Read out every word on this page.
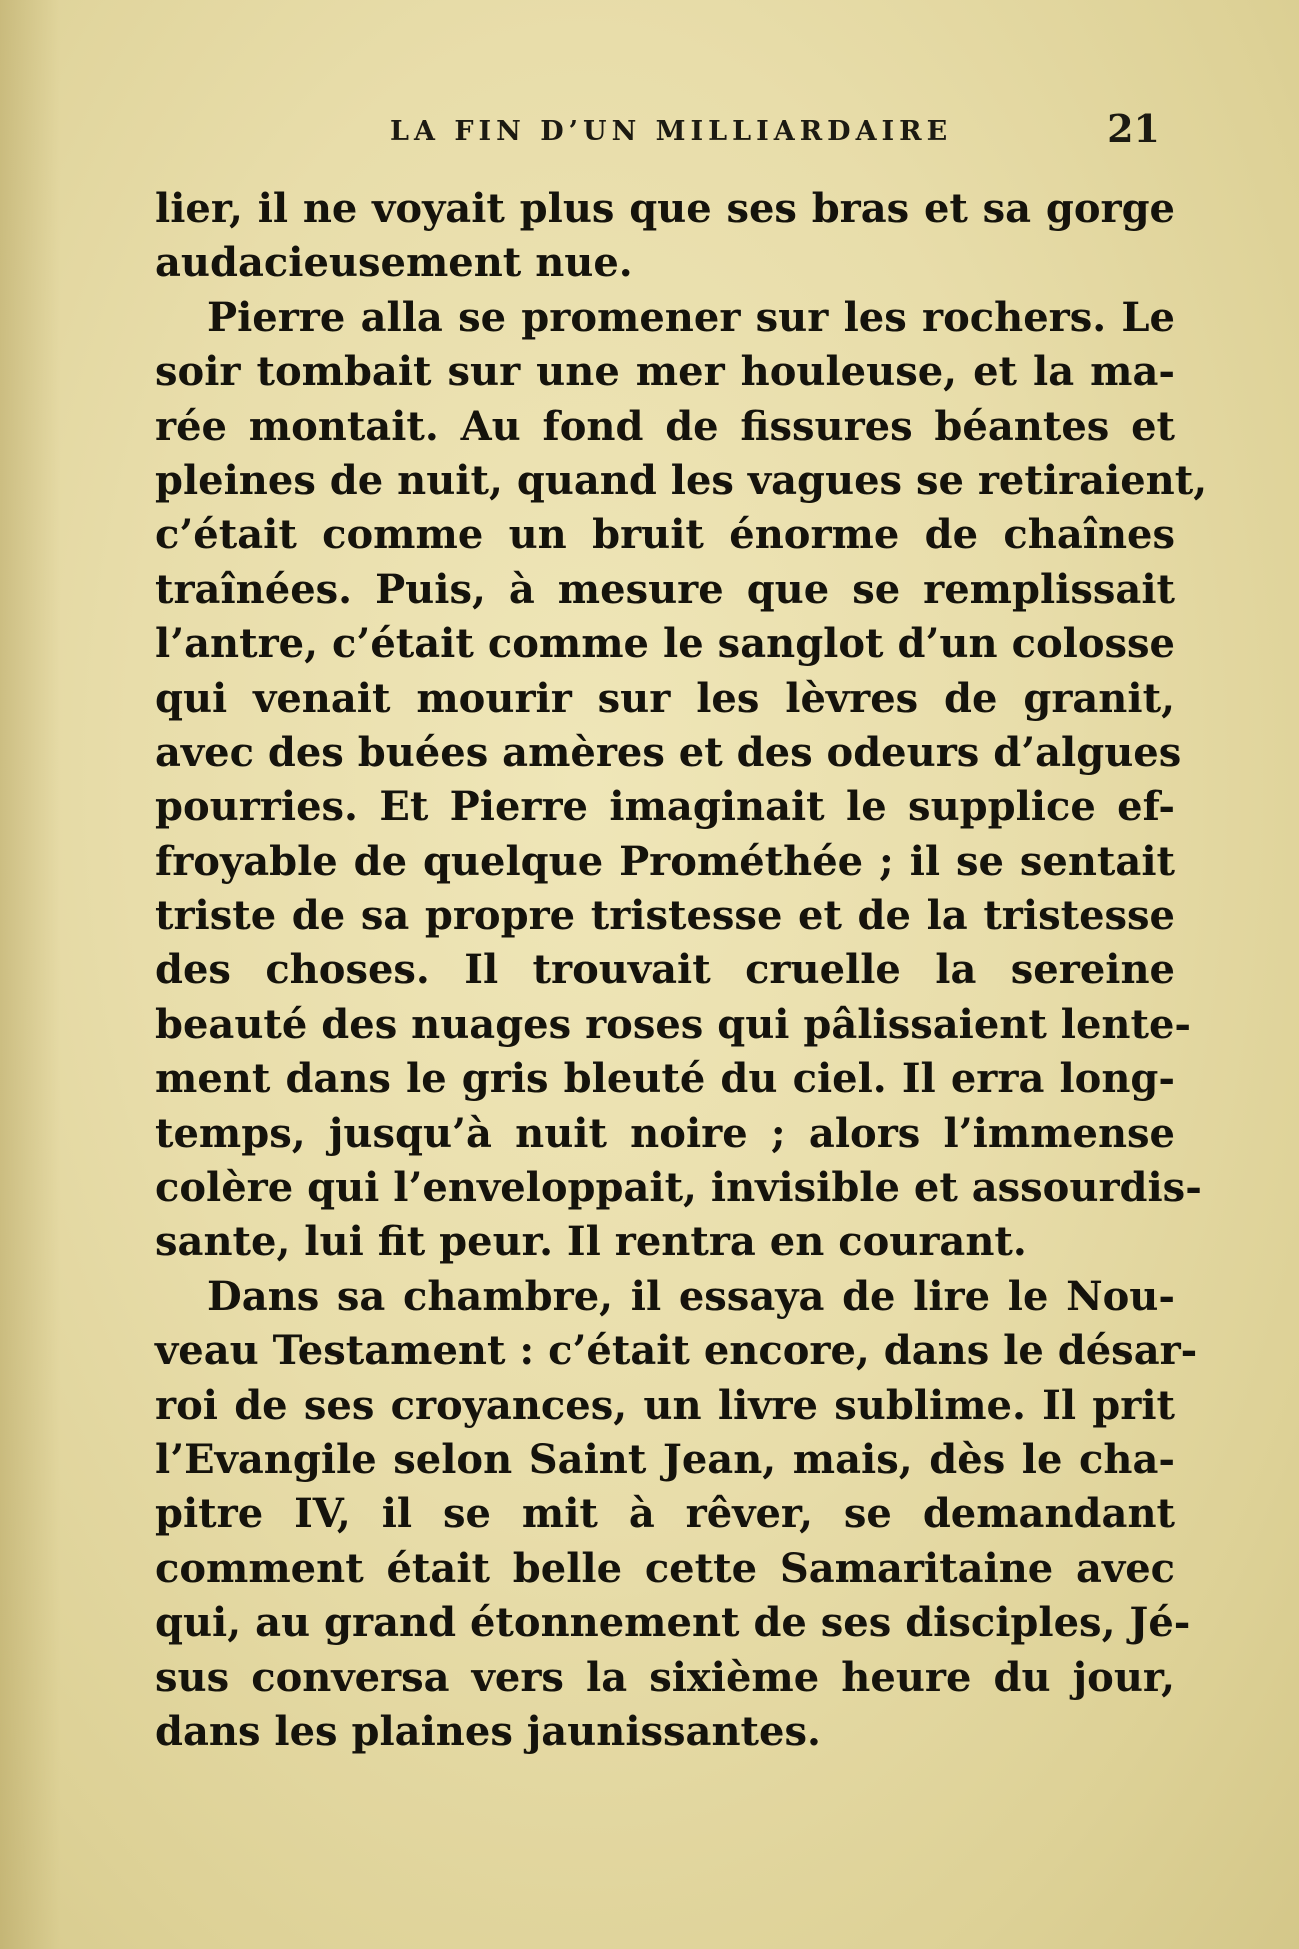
LA FIN D’UN MILLIARDAIRE	21
lier, il ne voyait plus que ses bras et sa gorge
audacieusement nue.
Pierre alla se promener sur les rochers. Le
soir tombait sur une mer houleuse, et la ma-
rée montait. Au fond de fissures béantes et
pleines de nuit, quand les vagues se retiraient,
c’était comme un bruit énorme de chaînes
traînées. Puis, à mesure que se remplissait
l’antre, c’était comme le sanglot d’un colosse
qui venait mourir sur les lèvres de granit,
avec des buées amères et des odeurs d’algues
pourries. Et Pierre imaginait le supplice ef-
froyable de quelque Prométhée ; il se sentait
triste de sa propre tristesse et de la tristesse
des choses. Il trouvait cruelle la sereine
beauté des nuages roses qui pâlissaient lente-
ment dans le gris bleuté du ciel. Il erra long-
temps, jusqu’à nuit noire ; alors l’immense
colère qui l’enveloppait, invisible et assourdis-
sante, lui fit peur. Il rentra en courant.
Dans sa chambre, il essaya de lire le Nou-
veau Testament : c’était encore, dans le désar-
roi de ses croyances, un livre sublime. Il prit
l’Evangile selon Saint Jean, mais, dès le cha-
pitre IV, il se mit à rêver, se demandant
comment était belle cette Samaritaine avec
qui, au grand étonnement de ses disciples, Jé-
sus conversa vers la sixième heure du jour,
dans les plaines jaunissantes.
